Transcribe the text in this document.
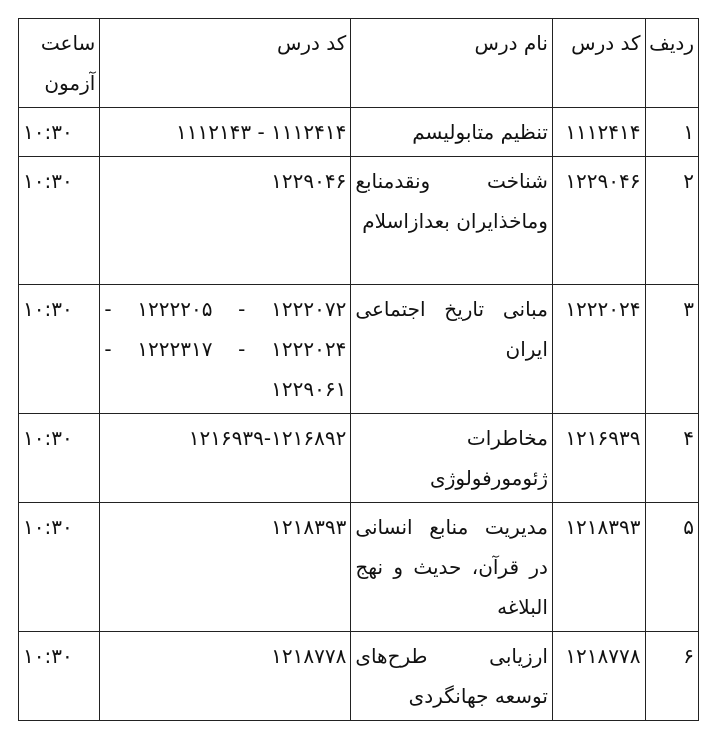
ردیف	کد درس	نام درس	کد درس	ساعت آزمون
۱	۱۱۱۲۴۱۴	تنظیم متابولیسم	۱۱۱۲۴۱۴ - ۱۱۱۲۱۴۳	۱۰:۳۰
۲	۱۲۲۹۰۴۶	شناخت ونقدمنابع وماخذایران بعداز‌اسلام	۱۲۲۹۰۴۶	۱۰:۳۰
۳	۱۲۲۲۰۲۴	مبانی تاریخ اجتماعی ایران	۱۲۲۲۰۷۲ - ۱۲۲۲۲۰۵ - ۱۲۲۲۰۲۴ - ۱۲۲۲۳۱۷ - ۱۲۲۹۰۶۱	۱۰:۳۰
۴	۱۲۱۶۹۳۹	مخاطرات ژئومورفولوژی	۱۲۱۶۹۳۹-۱۲۱۶۸۹۲	۱۰:۳۰
۵	۱۲۱۸۳۹۳	مدیریت منابع انسانی در قرآن، حدیث و نهج البلاغه	۱۲۱۸۳۹۳	۱۰:۳۰
۶	۱۲۱۸۷۷۸	ارزیابی طرح‌های توسعه جهانگردی	۱۲۱۸۷۷۸	۱۰:۳۰
